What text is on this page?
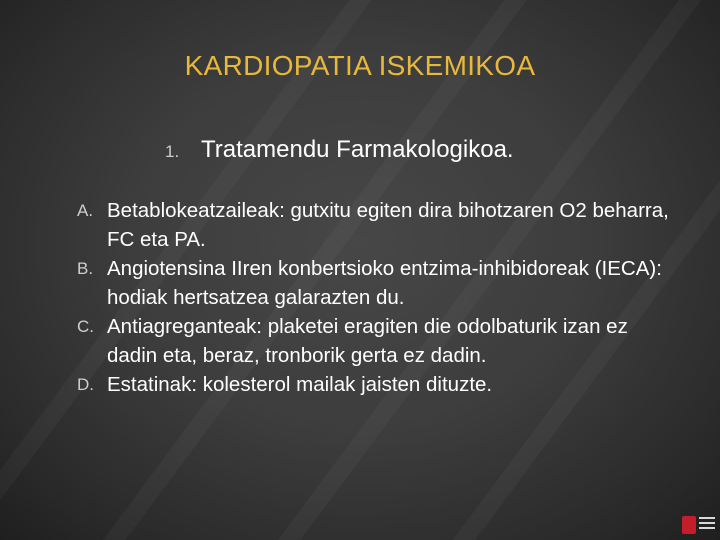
KARDIOPATIA ISKEMIKOA
1. Tratamendu Farmakologikoa.

A. Betablokeatzaileak: gutxitu egiten dira bihotzaren O2 beharra, FC eta PA.

B. Angiotensina IIren konbertsioko entzima-inhibidoreak (IECA): hodiak hertsatzea galarazten du.

C. Antiagreganteak: plaketei eragiten die odolbaturik izan ez dadin eta, beraz, tronborik gerta ez dadin.

D. Estatinak: kolesterol mailak jaisten dituzte.
